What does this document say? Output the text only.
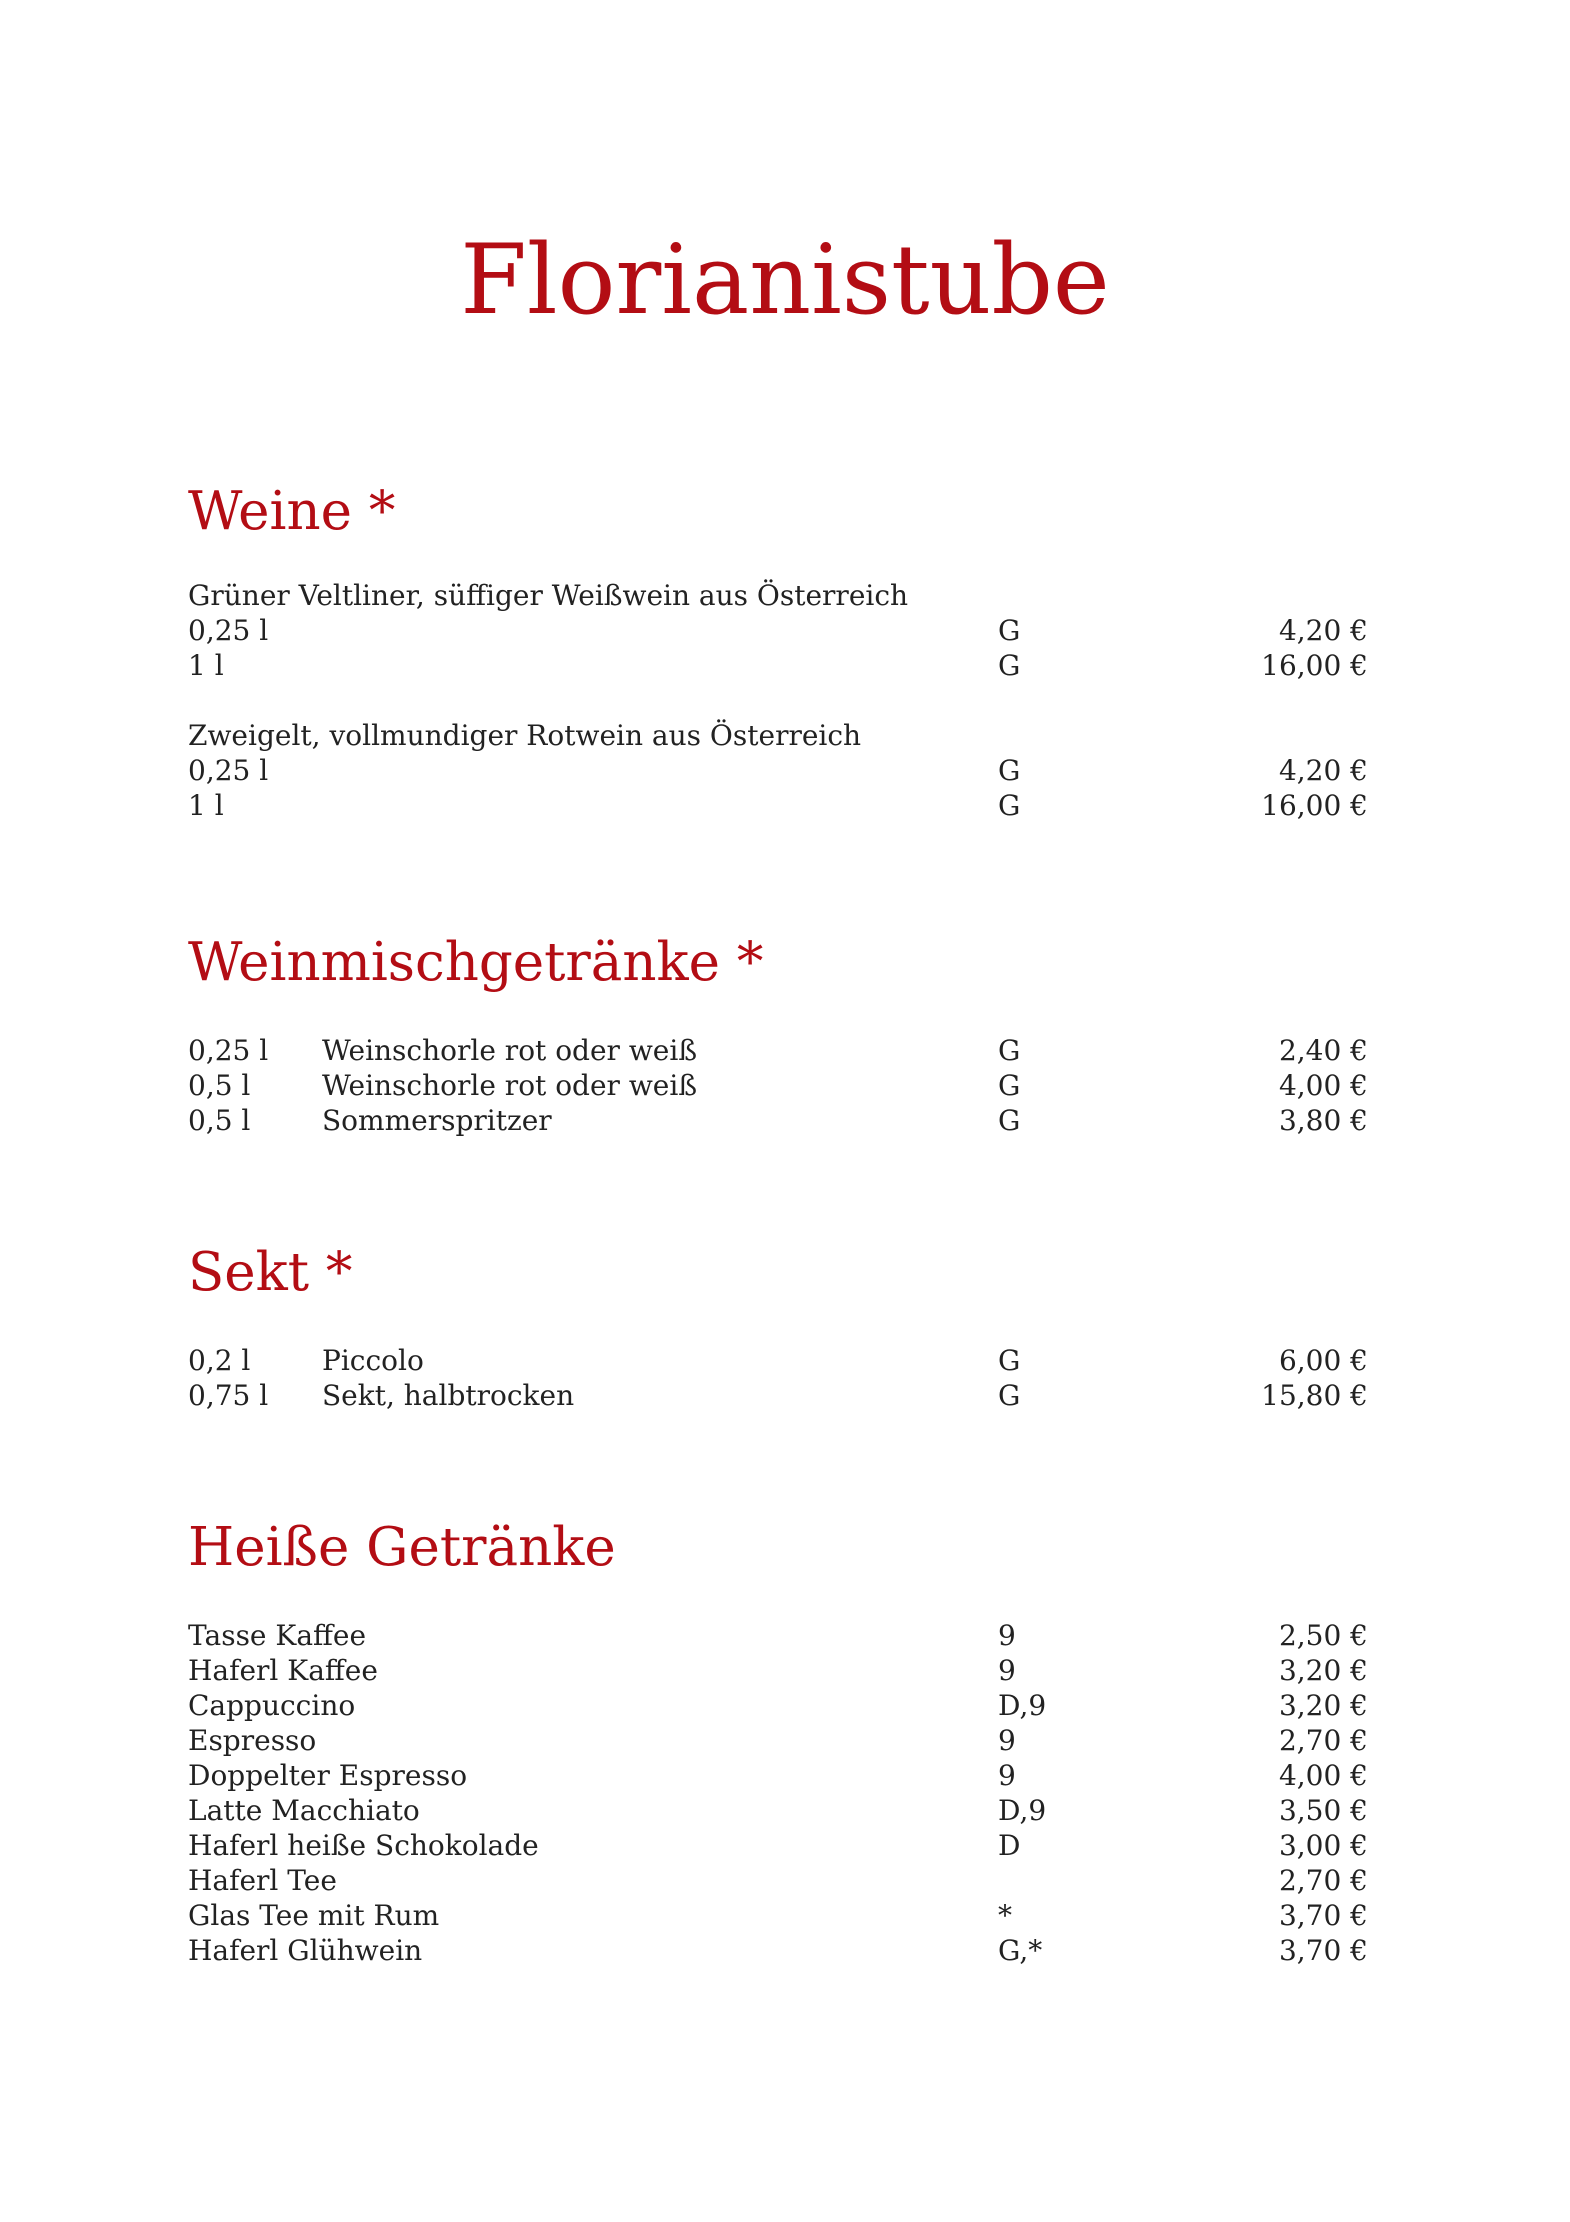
Florianistube
Weine *
Grüner Veltliner, süffiger Weißwein aus Österreich
0,25 l	G	4,20 €
1 l	G	16,00 €
Zweigelt, vollmundiger Rotwein aus Österreich
0,25 l	G	4,20 €
1 l	G	16,00 €
Weinmischgetränke *
0,25 l Weinschorle rot oder weiß	G	2,40 €
0,5 l	Weinschorle rot oder weiß	G	4,00 €
0,5 l	Sommerspritzer	G	3,80 €
Sekt *
0,2 l	Piccolo	G	6,00 €
0,75 l Sekt, halbtrocken	G	15,80 €
Heiße Getränke
Tasse Kaffee	9	2,50 €
Haferl Kaffee	9	3,20 €
Cappuccino	D,9	3,20 €
Espresso	9	2,70 €
Doppelter Espresso	9	4,00 €
Latte Macchiato	D,9	3,50 €
Haferl heiße Schokolade	D	3,00 €
Haferl Tee	2,70 €
Glas Tee mit Rum	*	3,70 €
Haferl Glühwein	G,*	3,70 €
